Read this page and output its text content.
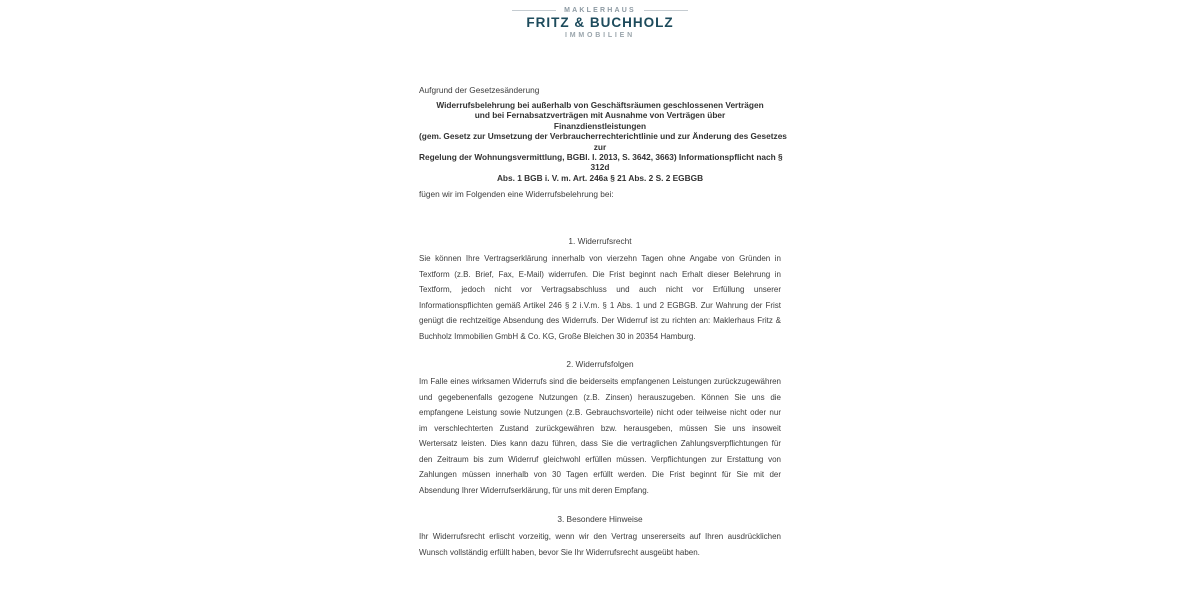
MAKLERHAUS
FRITZ & BUCHHOLZ
IMMOBILIEN
Aufgrund der Gesetzesänderung
Widerrufsbelehrung bei außerhalb von Geschäftsräumen geschlossenen Verträgen
und bei Fernabsatzverträgen mit Ausnahme von Verträgen über
Finanzdienstleistungen
(gem. Gesetz zur Umsetzung der Verbraucherrechterichtlinie und zur Änderung des Gesetzes
zur
Regelung der Wohnungsvermittlung, BGBl. I. 2013, S. 3642, 3663) Informationspflicht nach §
312d
Abs. 1 BGB i. V. m. Art. 246a § 21 Abs. 2 S. 2 EGBGB
fügen wir im Folgenden eine Widerrufsbelehrung bei:
1. Widerrufsrecht
Sie können Ihre Vertragserklärung innerhalb von vierzehn Tagen ohne Angabe von Gründen in
Textform (z.B. Brief, Fax, E-Mail) widerrufen. Die Frist beginnt nach Erhalt dieser Belehrung in
Textform, jedoch nicht vor Vertragsabschluss und auch nicht vor Erfüllung unserer
Informationspflichten gemäß Artikel 246 § 2 i.V.m. § 1 Abs. 1 und 2 EGBGB. Zur Wahrung der Frist
genügt die rechtzeitige Absendung des Widerrufs. Der Widerruf ist zu richten an: Maklerhaus Fritz &
Buchholz Immobilien GmbH & Co. KG, Große Bleichen 30 in 20354 Hamburg.
2. Widerrufsfolgen
Im Falle eines wirksamen Widerrufs sind die beiderseits empfangenen Leistungen zurückzugewähren
und gegebenenfalls gezogene Nutzungen (z.B. Zinsen) herauszugeben. Können Sie uns die
empfangene Leistung sowie Nutzungen (z.B. Gebrauchsvorteile) nicht oder teilweise nicht oder nur
im verschlechterten Zustand zurückgewähren bzw. herausgeben, müssen Sie uns insoweit
Wertersatz leisten. Dies kann dazu führen, dass Sie die vertraglichen Zahlungsverpflichtungen für
den Zeitraum bis zum Widerruf gleichwohl erfüllen müssen. Verpflichtungen zur Erstattung von
Zahlungen müssen innerhalb von 30 Tagen erfüllt werden. Die Frist beginnt für Sie mit der
Absendung Ihrer Widerrufserklärung, für uns mit deren Empfang.
3. Besondere Hinweise
Ihr Widerrufsrecht erlischt vorzeitig, wenn wir den Vertrag unsererseits auf Ihren ausdrücklichen
Wunsch vollständig erfüllt haben, bevor Sie Ihr Widerrufsrecht ausgeübt haben.
